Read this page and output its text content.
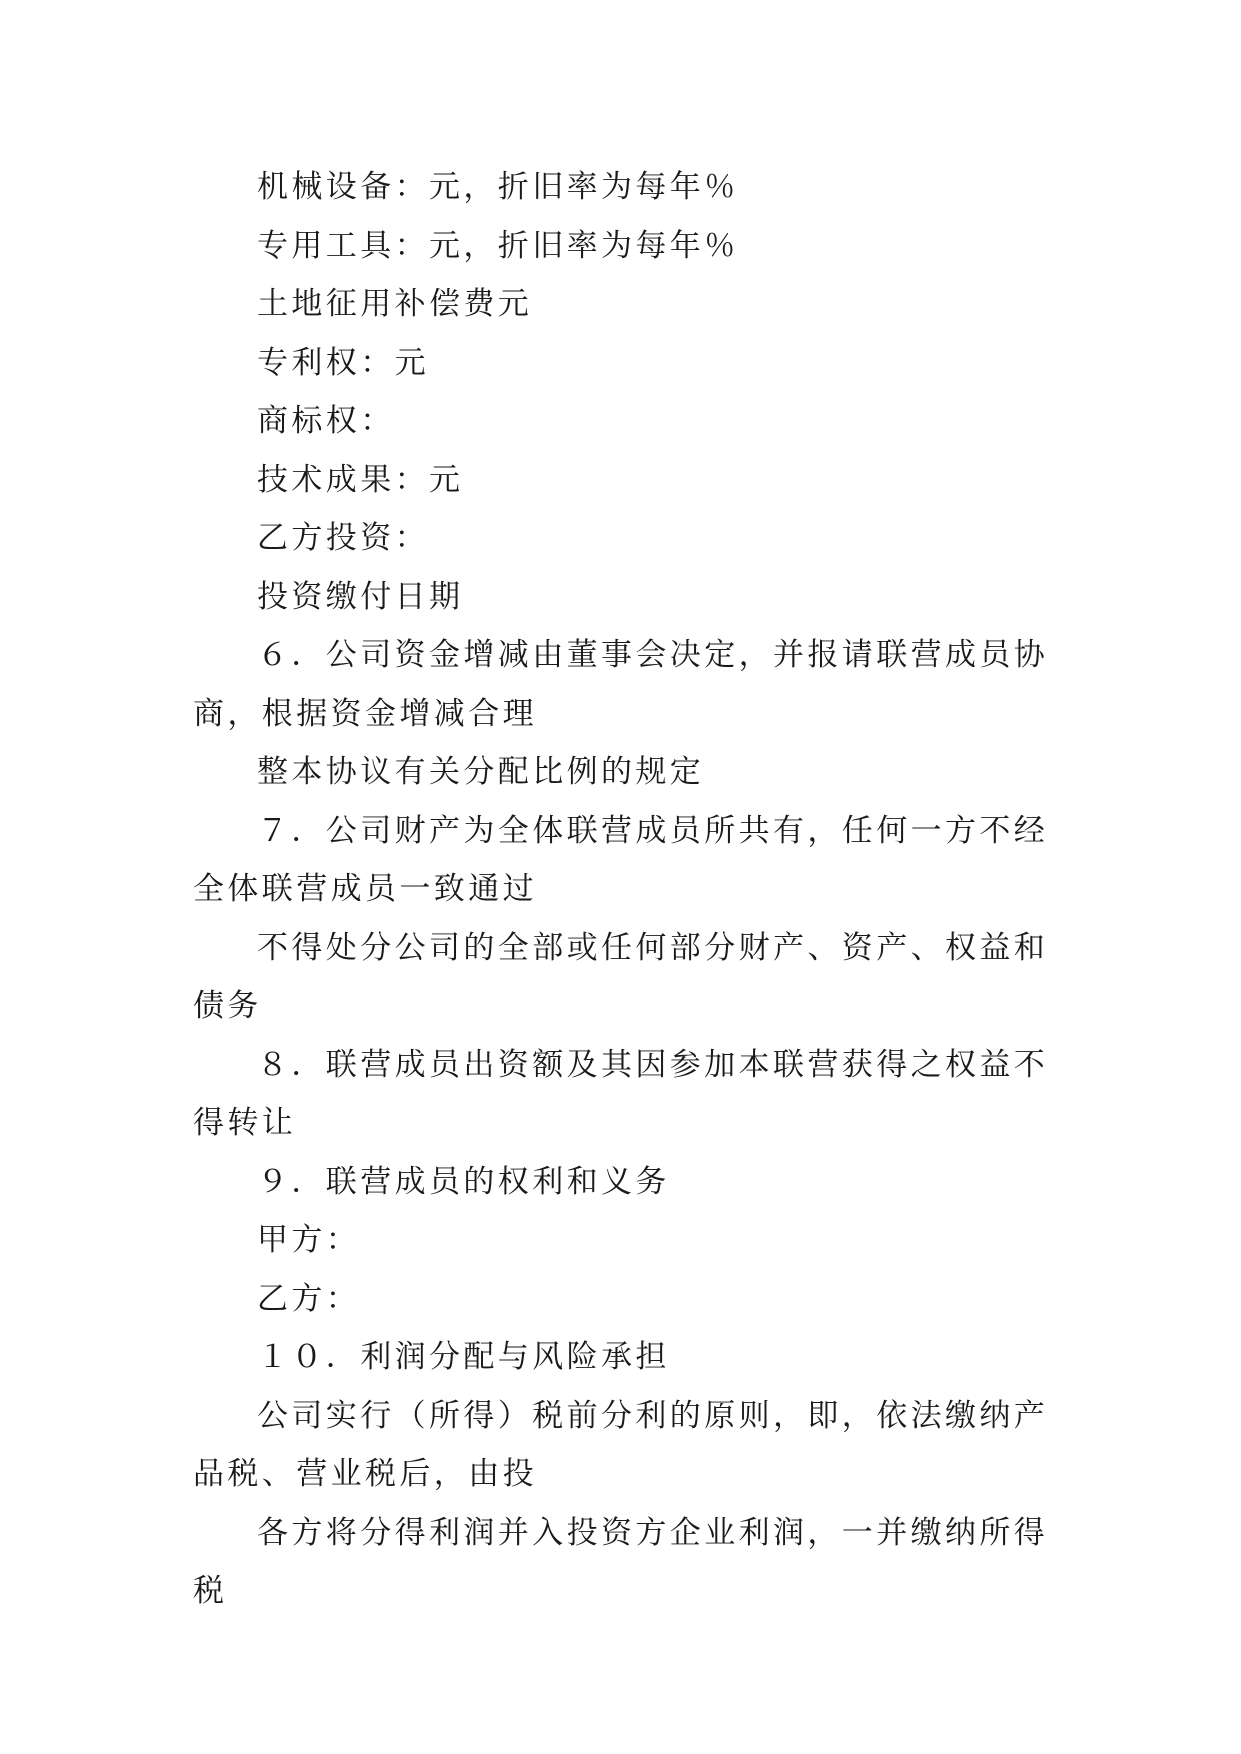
机械设备：元，折旧率为每年％

专用工具：元，折旧率为每年％

土地征用补偿费元

专利权：元

商标权：

技术成果：元

乙方投资：

投资缴付日期

６．公司资金增减由董事会决定，并报请联营成员协商，根据资金增减合理

整本协议有关分配比例的规定

７．公司财产为全体联营成员所共有，任何一方不经全体联营成员一致通过

不得处分公司的全部或任何部分财产、资产、权益和债务

８．联营成员出资额及其因参加本联营获得之权益不得转让

９．联营成员的权利和义务

甲方：

乙方：

１０．利润分配与风险承担

公司实行（所得）税前分利的原则，即，依法缴纳产品税、营业税后，由投

各方将分得利润并入投资方企业利润，一并缴纳所得税
